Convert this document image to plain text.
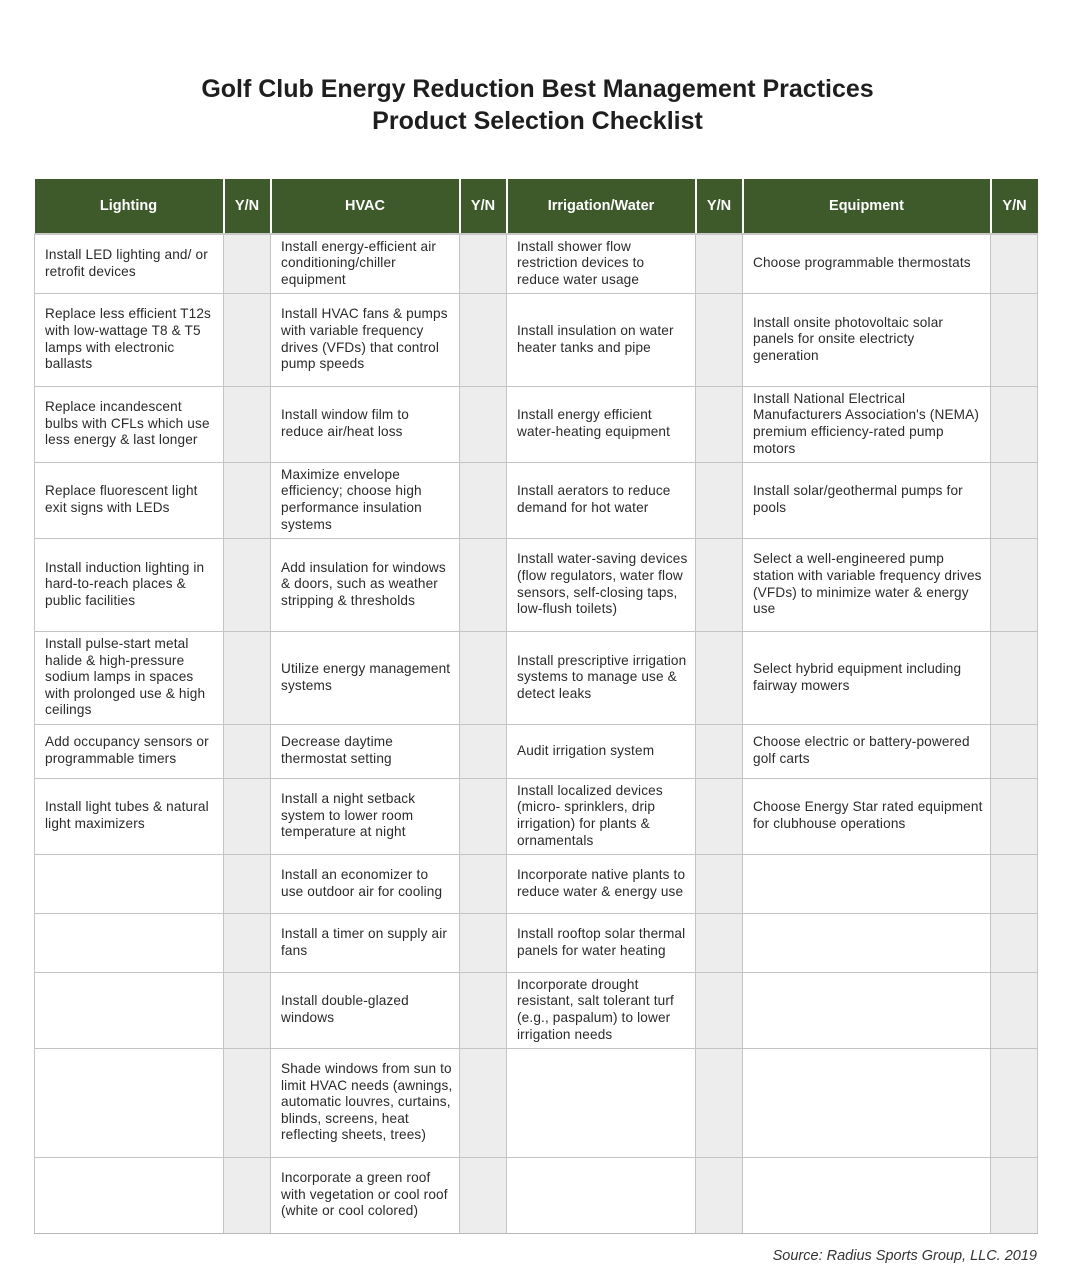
Golf Club Energy Reduction Best Management Practices
Product Selection Checklist
Lighting	Y/N	HVAC	Y/N	Irrigation/Water	Y/N	Equipment	Y/N
Install LED lighting and/ or retrofit devices		Install energy-efficient air conditioning/chiller equipment		Install shower flow restriction devices to reduce water usage		Choose programmable thermostats	
Replace less efficient T12s with low-wattage T8 & T5 lamps with electronic ballasts		Install HVAC fans & pumps with variable frequency drives (VFDs) that control pump speeds		Install insulation on water heater tanks and pipe		Install onsite photovoltaic solar panels for onsite electricty generation	
Replace incandescent bulbs with CFLs which use less energy & last longer		Install window film to reduce air/heat loss		Install energy efficient water-heating equipment		Install National Electrical Manufacturers Association's (NEMA) premium efficiency-rated pump motors	
Replace fluorescent light exit signs with LEDs		Maximize envelope efficiency; choose high performance insulation systems		Install aerators to reduce demand for hot water		Install solar/geothermal pumps for pools	
Install induction lighting in hard-to-reach places & public facilities		Add insulation for windows & doors, such as weather stripping & thresholds		Install water-saving devices (flow regulators, water flow sensors, self-closing taps, low-flush toilets)		Select a well-engineered pump station with variable frequency drives (VFDs) to minimize water & energy use	
Install pulse-start metal halide & high-pressure sodium lamps in spaces with prolonged use & high ceilings		Utilize energy management systems		Install prescriptive irrigation systems to manage use & detect leaks		Select hybrid equipment including fairway mowers	
Add occupancy sensors or programmable timers		Decrease daytime thermostat setting		Audit irrigation system		Choose electric or battery-powered golf carts	
Install light tubes & natural light maximizers		Install a night setback system to lower room temperature at night		Install localized devices (micro- sprinklers, drip irrigation) for plants & ornamentals		Choose Energy Star rated equipment for clubhouse operations	
		Install an economizer to use outdoor air for cooling		Incorporate native plants to reduce water & energy use			
		Install a timer on supply air fans		Install rooftop solar thermal panels for water heating			
		Install double-glazed windows		Incorporate drought resistant, salt tolerant turf (e.g., paspalum) to lower irrigation needs			
		Shade windows from sun to limit HVAC needs (awnings, automatic louvres, curtains, blinds, screens, heat reflecting sheets, trees)					
		Incorporate a green roof with vegetation or cool roof (white or cool colored)					
Source: Radius Sports Group, LLC. 2019
